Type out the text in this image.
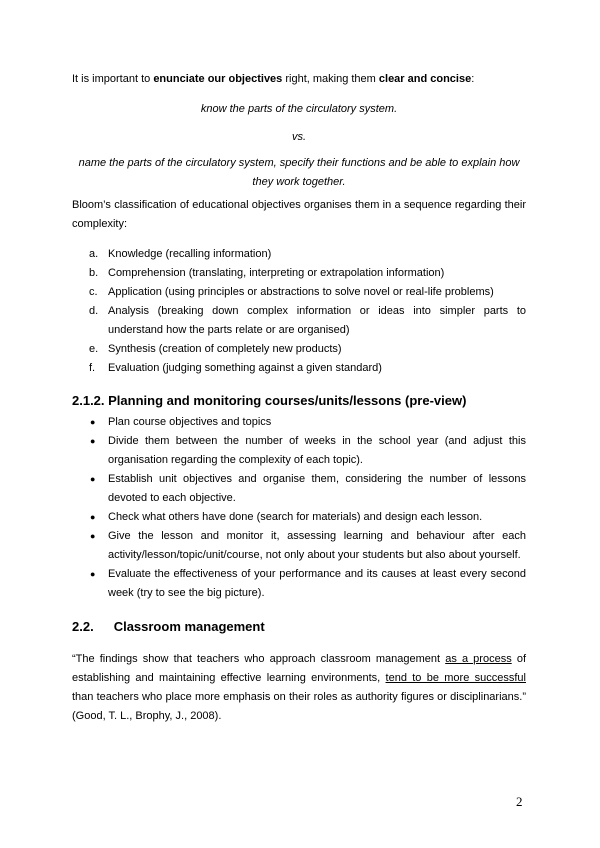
It is important to enunciate our objectives right, making them clear and concise:
know the parts of the circulatory system.
vs.
name the parts of the circulatory system, specify their functions and be able to explain how they work together.
Bloom’s classification of educational objectives organises them in a sequence regarding their complexity:
a. Knowledge (recalling information)
b. Comprehension (translating, interpreting or extrapolation information)
c. Application (using principles or abstractions to solve novel or real-life problems)
d. Analysis (breaking down complex information or ideas into simpler parts to understand how the parts relate or are organised)
e. Synthesis (creation of completely new products)
f. Evaluation (judging something against a given standard)
2.1.2. Planning and monitoring courses/units/lessons (pre-view)
● Plan course objectives and topics
● Divide them between the number of weeks in the school year (and adjust this organisation regarding the complexity of each topic).
● Establish unit objectives and organise them, considering the number of lessons devoted to each objective.
● Check what others have done (search for materials) and design each lesson.
● Give the lesson and monitor it, assessing learning and behaviour after each activity/lesson/topic/unit/course, not only about your students but also about yourself.
● Evaluate the effectiveness of your performance and its causes at least every second week (try to see the big picture).
2.2. Classroom management
“The findings show that teachers who approach classroom management as a process of establishing and maintaining effective learning environments, tend to be more successful than teachers who place more emphasis on their roles as authority figures or disciplinarians.” (Good, T. L., Brophy, J., 2008).
2
